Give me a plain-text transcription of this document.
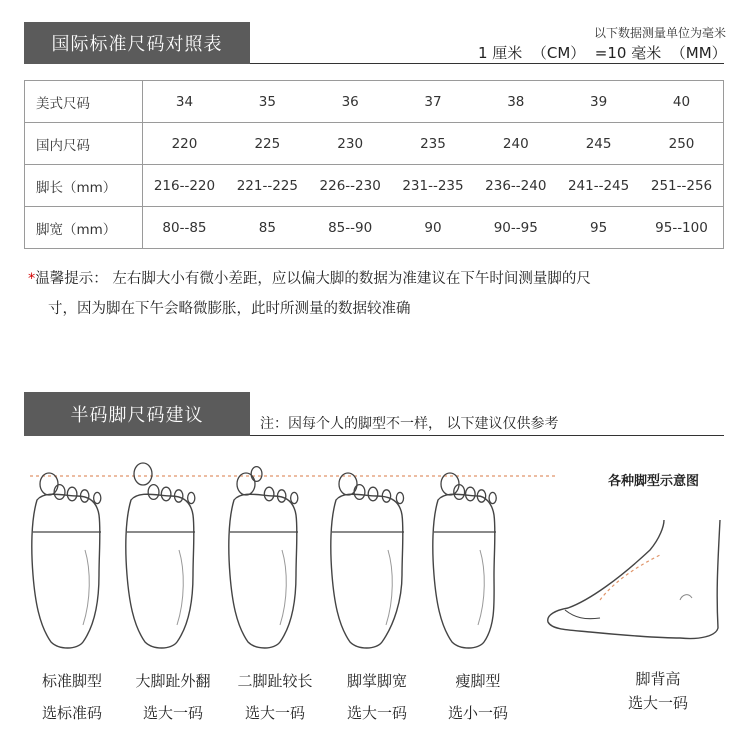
国际标准尺码对照表
以下数据测量单位为毫米
1 厘米  （CM）  =10 毫米  （MM）
美式尺码	34	35	36	37	38	39	40
国内尺码	220	225	230	235	240	245	250
脚长（mm）	216--220	221--225	226--230	231--235	236--240	241--245	251--256
脚宽（mm）	80--85	85	85--90	90	90--95	95	95--100
*温馨提示： 左右脚大小有微小差距，应以偏大脚的数据为准建议在下午时间测量脚的尺
寸，因为脚在下午会略微膨胀，此时所测量的数据较准确
半码脚尺码建议	注：因每个人的脚型不一样， 以下建议仅供参考
各种脚型示意图
标准脚型
选标准码
大脚趾外翻
选大一码
二脚趾较长
选大一码
脚掌脚宽
选大一码
瘦脚型
选小一码
脚背高
选大一码
